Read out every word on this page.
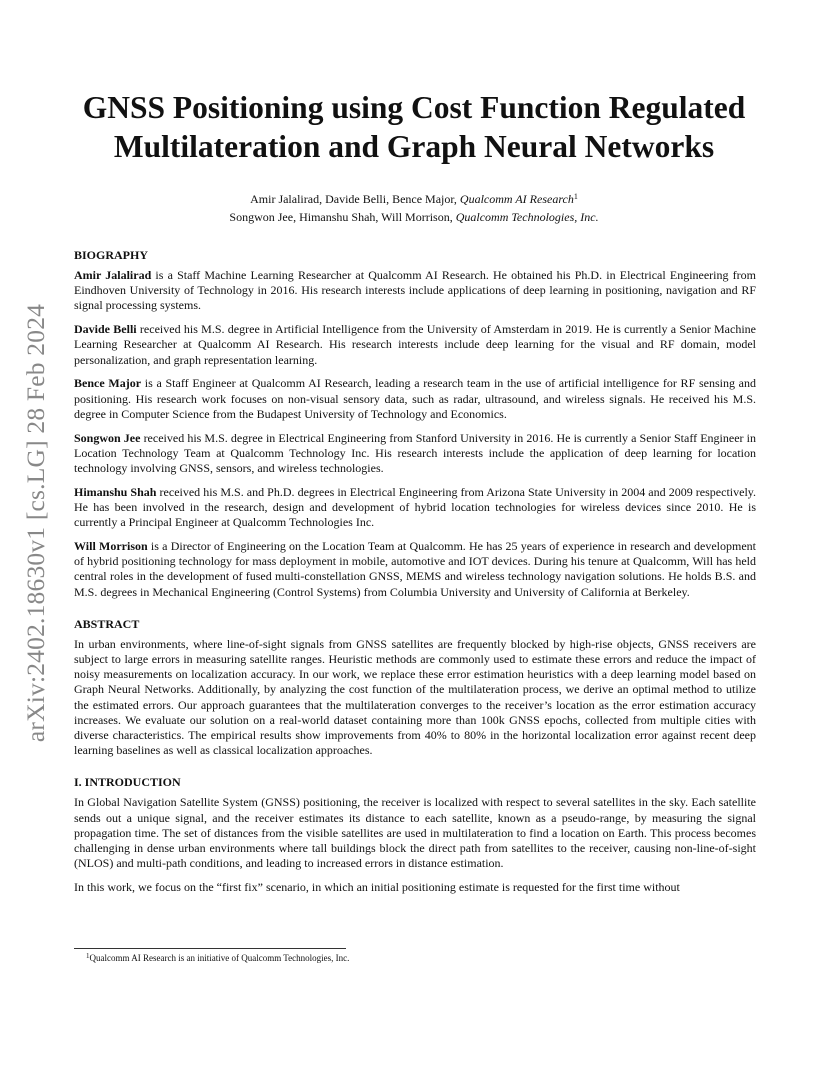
arXiv:2402.18630v1 [cs.LG] 28 Feb 2024
GNSS Positioning using Cost Function Regulated
Multilateration and Graph Neural Networks
Amir Jalalirad, Davide Belli, Bence Major, Qualcomm AI Research$^1$
Songwon Jee, Himanshu Shah, Will Morrison, Qualcomm Technologies, Inc.
BIOGRAPHY

Amir Jalalirad is a Staff Machine Learning Researcher at Qualcomm AI Research. He obtained his Ph.D. in Electrical Engineering from Eindhoven University of Technology in 2016. His research interests include applications of deep learning in positioning, navigation and RF signal processing systems.

Davide Belli received his M.S. degree in Artificial Intelligence from the University of Amsterdam in 2019. He is currently a Senior Machine Learning Researcher at Qualcomm AI Research. His research interests include deep learning for the visual and RF domain, model personalization, and graph representation learning.

Bence Major is a Staff Engineer at Qualcomm AI Research, leading a research team in the use of artificial intelligence for RF sensing and positioning. His research work focuses on non-visual sensory data, such as radar, ultrasound, and wireless signals. He received his M.S. degree in Computer Science from the Budapest University of Technology and Economics.

Songwon Jee received his M.S. degree in Electrical Engineering from Stanford University in 2016. He is currently a Senior Staff Engineer in Location Technology Team at Qualcomm Technology Inc. His research interests include the application of deep learning for location technology involving GNSS, sensors, and wireless technologies.

Himanshu Shah received his M.S. and Ph.D. degrees in Electrical Engineering from Arizona State University in 2004 and 2009 respectively. He has been involved in the research, design and development of hybrid location technologies for wireless devices since 2010. He is currently a Principal Engineer at Qualcomm Technologies Inc.

Will Morrison is a Director of Engineering on the Location Team at Qualcomm. He has 25 years of experience in research and development of hybrid positioning technology for mass deployment in mobile, automotive and IOT devices. During his tenure at Qualcomm, Will has held central roles in the development of fused multi-constellation GNSS, MEMS and wireless technology navigation solutions. He holds B.S. and M.S. degrees in Mechanical Engineering (Control Systems) from Columbia University and University of California at Berkeley.

ABSTRACT

In urban environments, where line-of-sight signals from GNSS satellites are frequently blocked by high-rise objects, GNSS receivers are subject to large errors in measuring satellite ranges. Heuristic methods are commonly used to estimate these errors and reduce the impact of noisy measurements on localization accuracy. In our work, we replace these error estimation heuristics with a deep learning model based on Graph Neural Networks. Additionally, by analyzing the cost function of the multilateration process, we derive an optimal method to utilize the estimated errors. Our approach guarantees that the multilateration converges to the receiver’s location as the error estimation accuracy increases. We evaluate our solution on a real-world dataset containing more than 100k GNSS epochs, collected from multiple cities with diverse characteristics. The empirical results show improvements from 40% to 80% in the horizontal localization error against recent deep learning baselines as well as classical localization approaches.

I. INTRODUCTION

In Global Navigation Satellite System (GNSS) positioning, the receiver is localized with respect to several satellites in the sky. Each satellite sends out a unique signal, and the receiver estimates its distance to each satellite, known as a pseudo-range, by measuring the signal propagation time. The set of distances from the visible satellites are used in multilateration to find a location on Earth. This process becomes challenging in dense urban environments where tall buildings block the direct path from satellites to the receiver, causing non-line-of-sight (NLOS) and multi-path conditions, and leading to increased errors in distance estimation.

In this work, we focus on the “first fix” scenario, in which an initial positioning estimate is requested for the first time without

$^1$Qualcomm AI Research is an initiative of Qualcomm Technologies, Inc.
